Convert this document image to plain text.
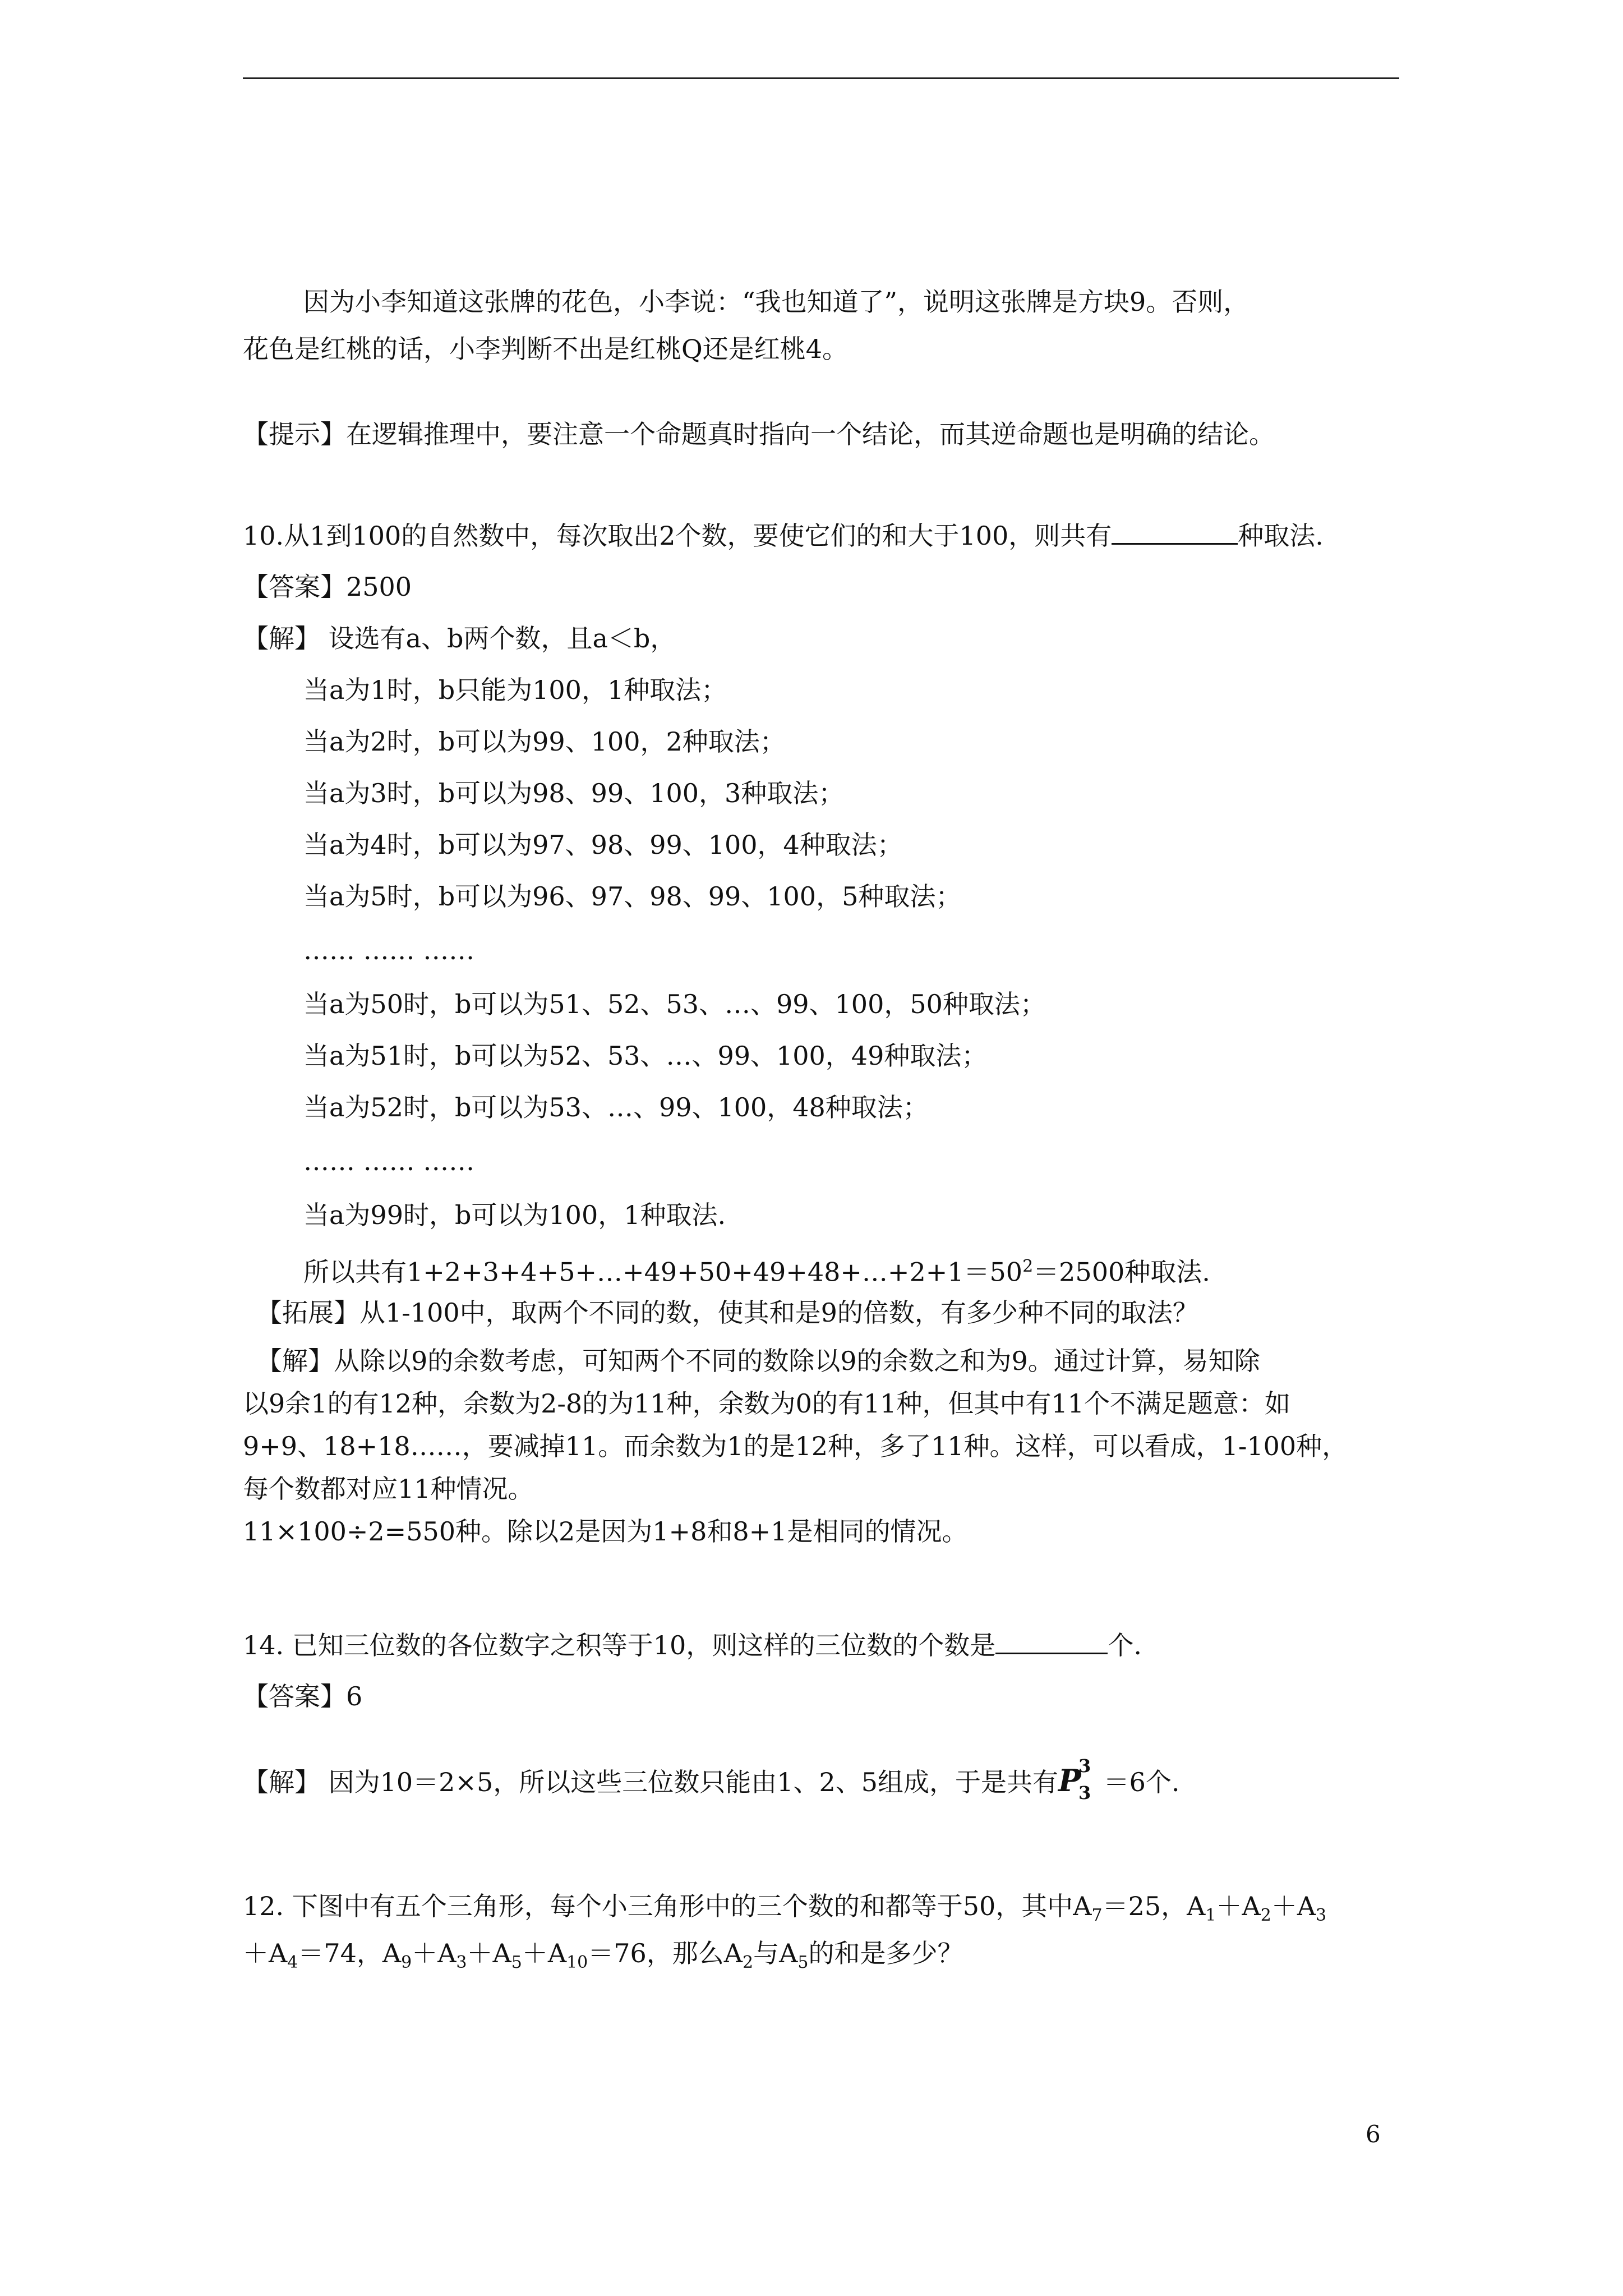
因为小李知道这张牌的花色，小李说：“我也知道了”，说明这张牌是方块9。否则，
花色是红桃的话，小李判断不出是红桃Q还是红桃4。
【提示】在逻辑推理中，要注意一个命题真时指向一个结论，而其逆命题也是明确的结论。
10.从1到100的自然数中，每次取出2个数，要使它们的和大于100，则共有	种取法.
【答案】2500
【解】 设选有a、b两个数，且a＜b，
当a为1时，b只能为100，1种取法；
当a为2时，b可以为99、100，2种取法；
当a为3时，b可以为98、99、100，3种取法；
当a为4时，b可以为97、98、99、100，4种取法；
当a为5时，b可以为96、97、98、99、100，5种取法；
…… …… ……
当a为50时，b可以为51、52、53、…、99、100，50种取法；
当a为51时，b可以为52、53、…、99、100，49种取法；
当a为52时，b可以为53、…、99、100，48种取法；
…… …… ……
当a为99时，b可以为100，1种取法.
所以共有$1+2+3+4+5+\dots+49+50+49+48+\dots+2+1=50^2=2500$种取法.
【拓展】从1-100中，取两个不同的数，使其和是9的倍数，有多少种不同的取法？
【解】从除以9的余数考虑，可知两个不同的数除以9的余数之和为9。通过计算，易知除
以9余1的有12种，余数为2-8的为11种，余数为0的有11种，但其中有11个不满足题意：如
9+9、18+18……，要减掉11。而余数为1的是12种，多了11种。这样，可以看成，1-100种，
每个数都对应11种情况。
11×100÷2=550种。除以2是因为1+8和8+1是相同的情况。
14. 已知三位数的各位数字之积等于10，则这样的三位数的个数是	个.
【答案】6
【解】 因为10＝2×5，所以这些三位数只能由1、2、5组成，于是共有P
3
3 ＝6个.
12. 下图中有五个三角形，每个小三角形中的三个数的和都等于50，其中$A_7=25$，$A_1+A_2+A_3$
$+A_4=74$，$A_9+A_3+A_5+A_{10}=76$，那么$A_2$与$A_5$的和是多少？
6
